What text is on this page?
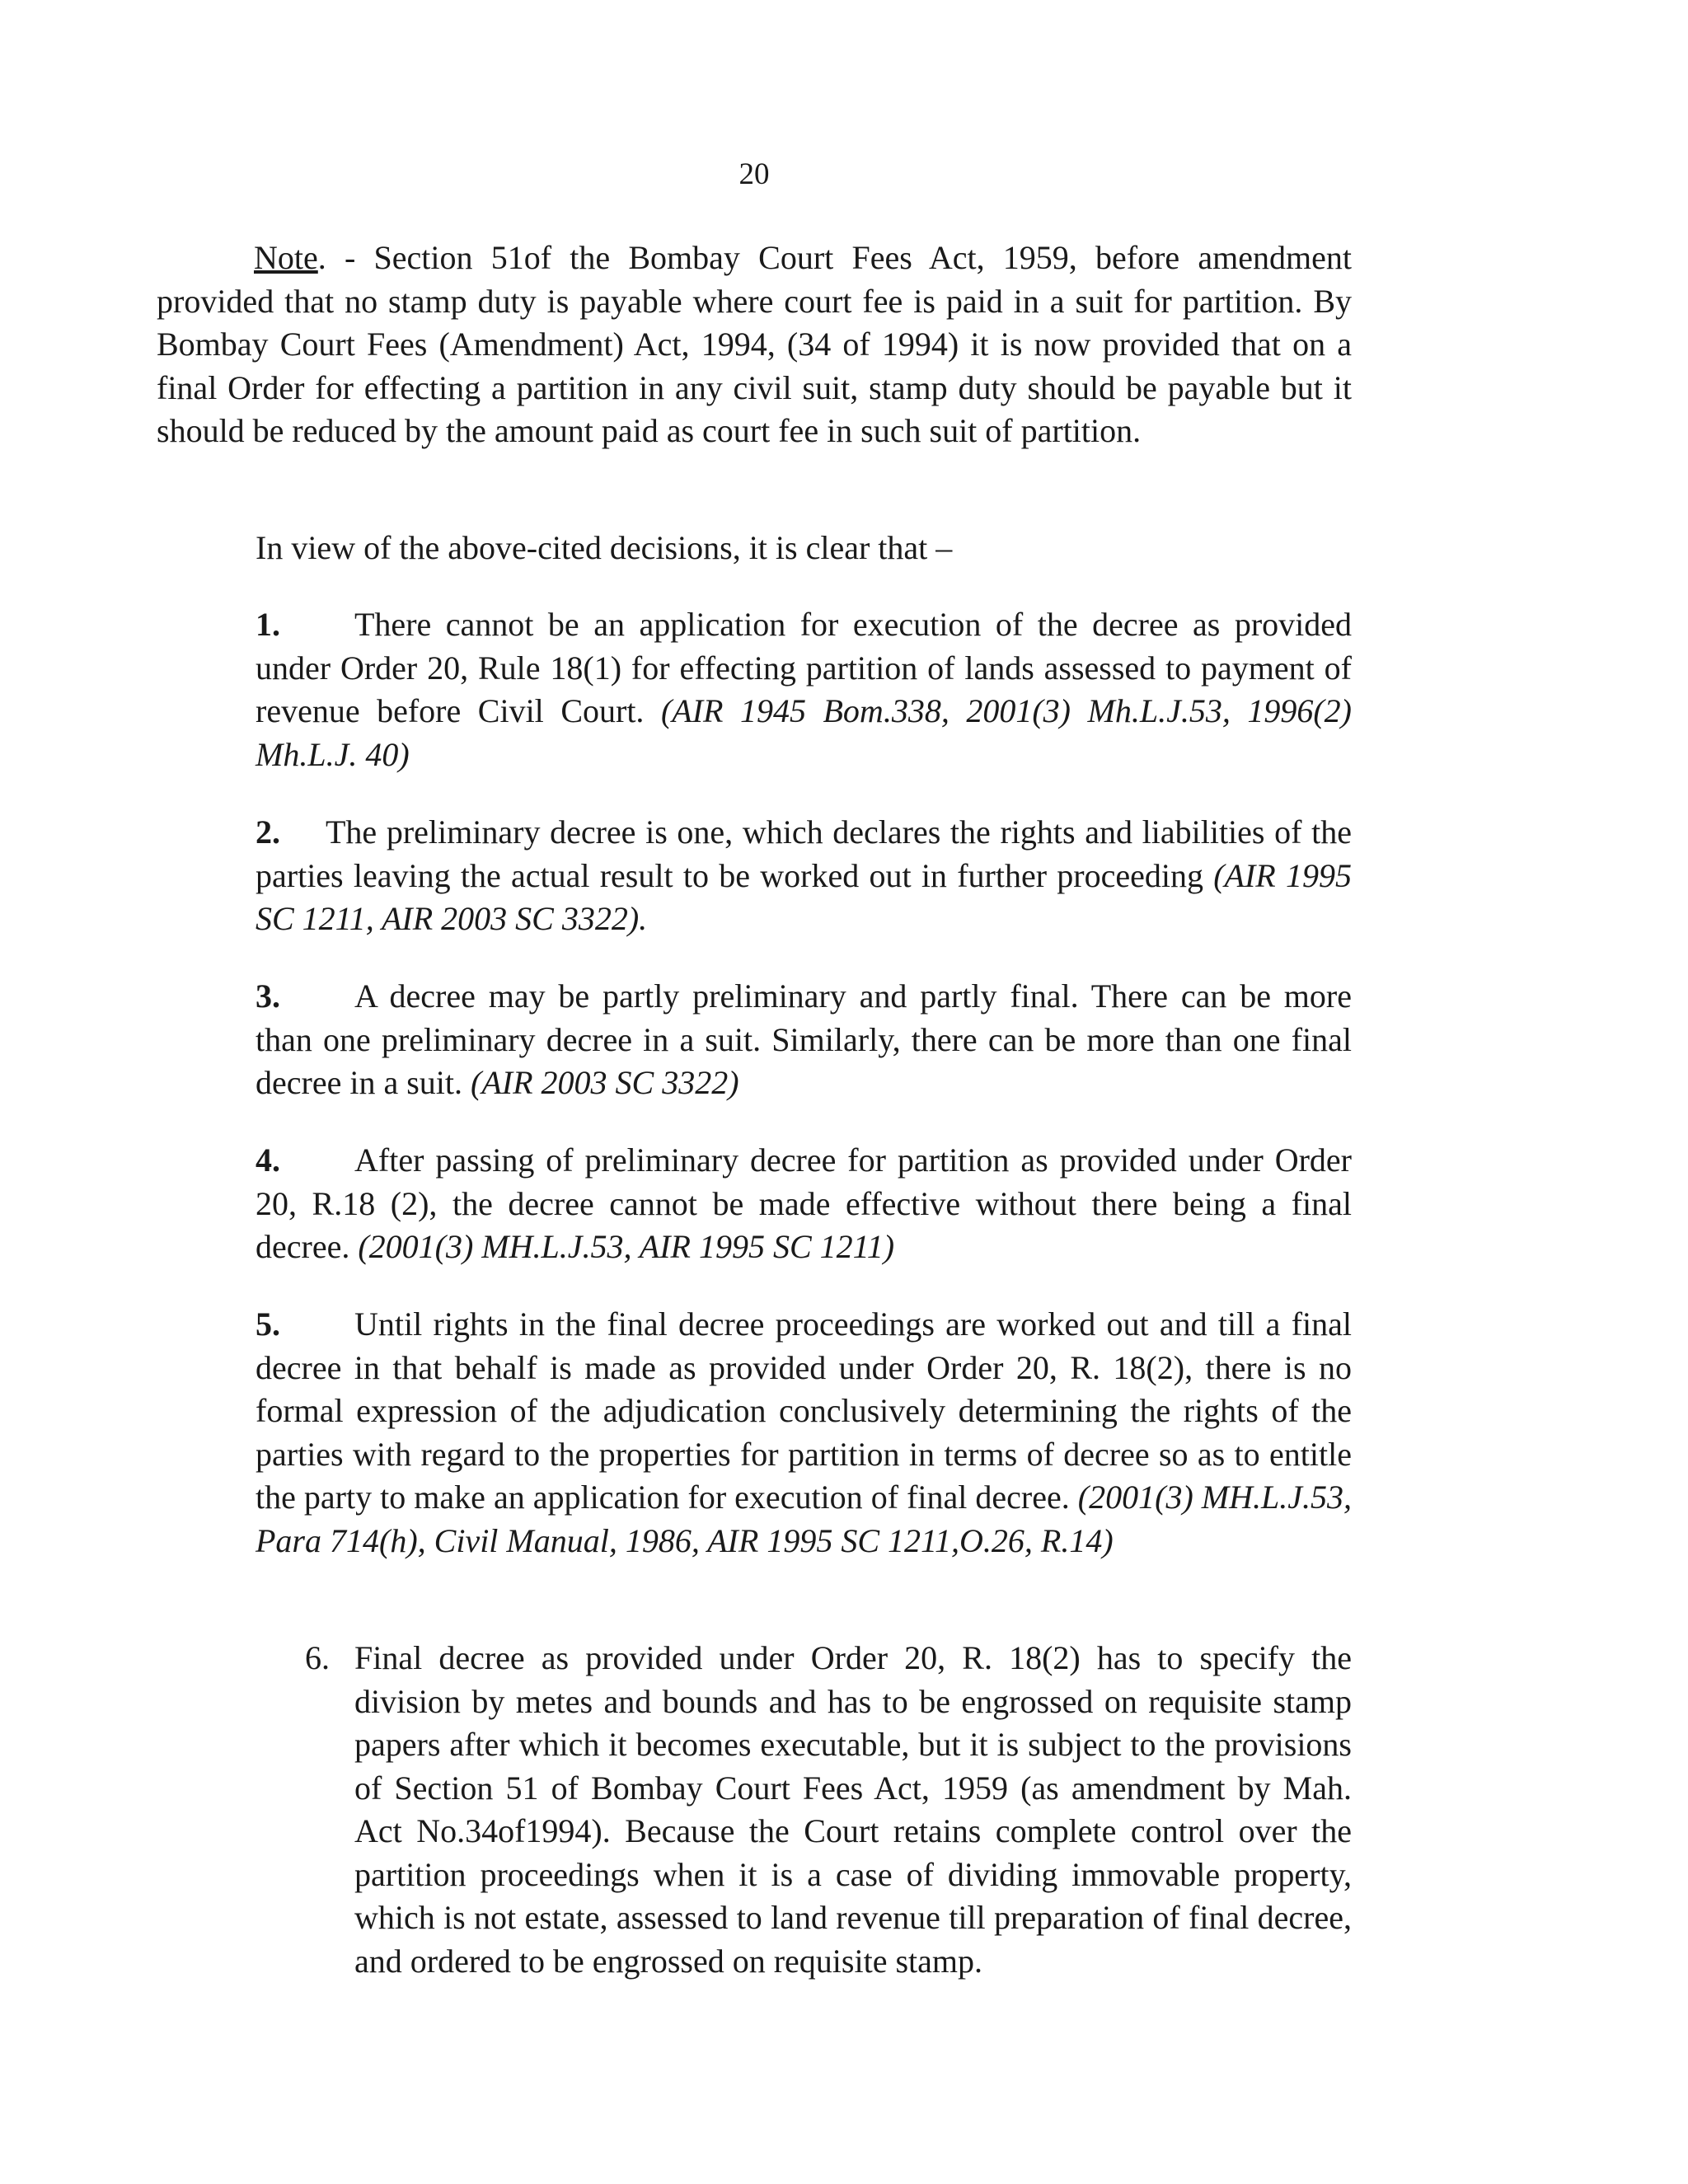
20

Note. - Section 51of the Bombay Court Fees Act, 1959, before amendment provided that no stamp duty is payable where court fee is paid in a suit for partition. By Bombay Court Fees (Amendment) Act, 1994, (34 of 1994) it is now provided that on a final Order for effecting a partition in any civil suit, stamp duty should be payable but it should be reduced by the amount paid as court fee in such suit of partition.

In view of the above-cited decisions, it is clear that –

1. There cannot be an application for execution of the decree as provided under Order 20, Rule 18(1) for effecting partition of lands assessed to payment of revenue before Civil Court. (AIR 1945 Bom.338, 2001(3) Mh.L.J.53, 1996(2) Mh.L.J. 40)

2. The preliminary decree is one, which declares the rights and liabilities of the parties leaving the actual result to be worked out in further proceeding (AIR 1995 SC 1211, AIR 2003 SC 3322).

3. A decree may be partly preliminary and partly final. There can be more than one preliminary decree in a suit. Similarly, there can be more than one final decree in a suit. (AIR 2003 SC 3322)

4. After passing of preliminary decree for partition as provided under Order 20, R.18 (2), the decree cannot be made effective without there being a final decree. (2001(3) MH.L.J.53, AIR 1995 SC 1211)

5. Until rights in the final decree proceedings are worked out and till a final decree in that behalf is made as provided under Order 20, R. 18(2), there is no formal expression of the adjudication conclusively determining the rights of the parties with regard to the properties for partition in terms of decree so as to entitle the party to make an application for execution of final decree. (2001(3) MH.L.J.53, Para 714(h), Civil Manual, 1986, AIR 1995 SC 1211,O.26, R.14)

6. Final decree as provided under Order 20, R. 18(2) has to specify the division by metes and bounds and has to be engrossed on requisite stamp papers after which it becomes executable, but it is subject to the provisions of Section 51 of Bombay Court Fees Act, 1959 (as amendment by Mah. Act No.34of1994). Because the Court retains complete control over the partition proceedings when it is a case of dividing immovable property, which is not estate, assessed to land revenue till preparation of final decree, and ordered to be engrossed on requisite stamp.
